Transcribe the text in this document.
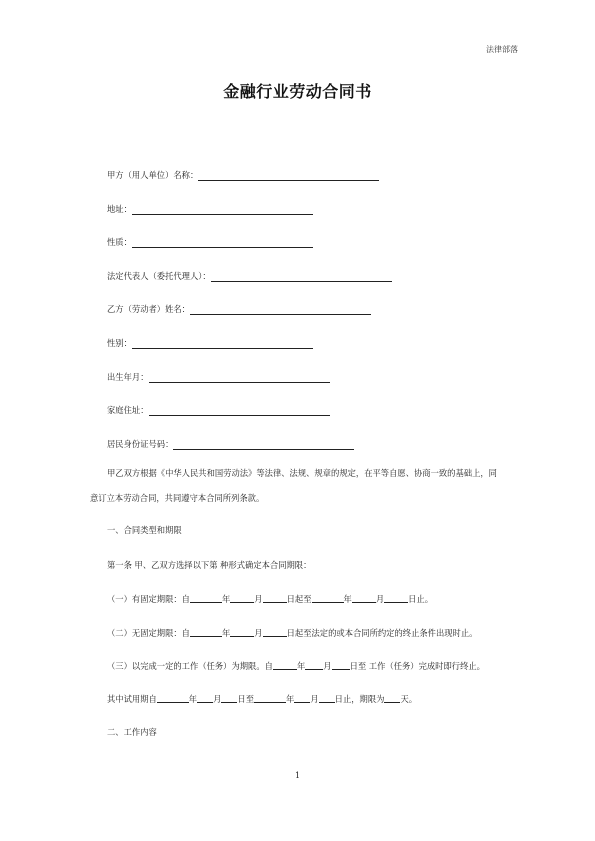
法律部落
金融行业劳动合同书
甲方（用人单位）名称：
地址：
性质：
法定代表人（委托代理人）：
乙方（劳动者）姓名：
性别：
出生年月：
家庭住址：
居民身份证号码：
甲乙双方根据《中华人民共和国劳动法》等法律、法规、规章的规定，在平等自愿、协商一致的基础上，同意订立本劳动合同，共同遵守本合同所列条款。
一、合同类型和期限
第一条 甲、乙双方选择以下第 种形式确定本合同期限：
（一）有固定期限：自	年	月	日起至	年	月	日止。
（二）无固定期限：自	年	月	日起至法定的或本合同所约定的终止条件出现时止。
（三）以完成一定的工作（任务）为期限。自	年 月 日至 工作（任务）完成时即行终止。
其中试用期自	年 月 日至	年 月 日止，期限为 天。
二、工作内容
1
